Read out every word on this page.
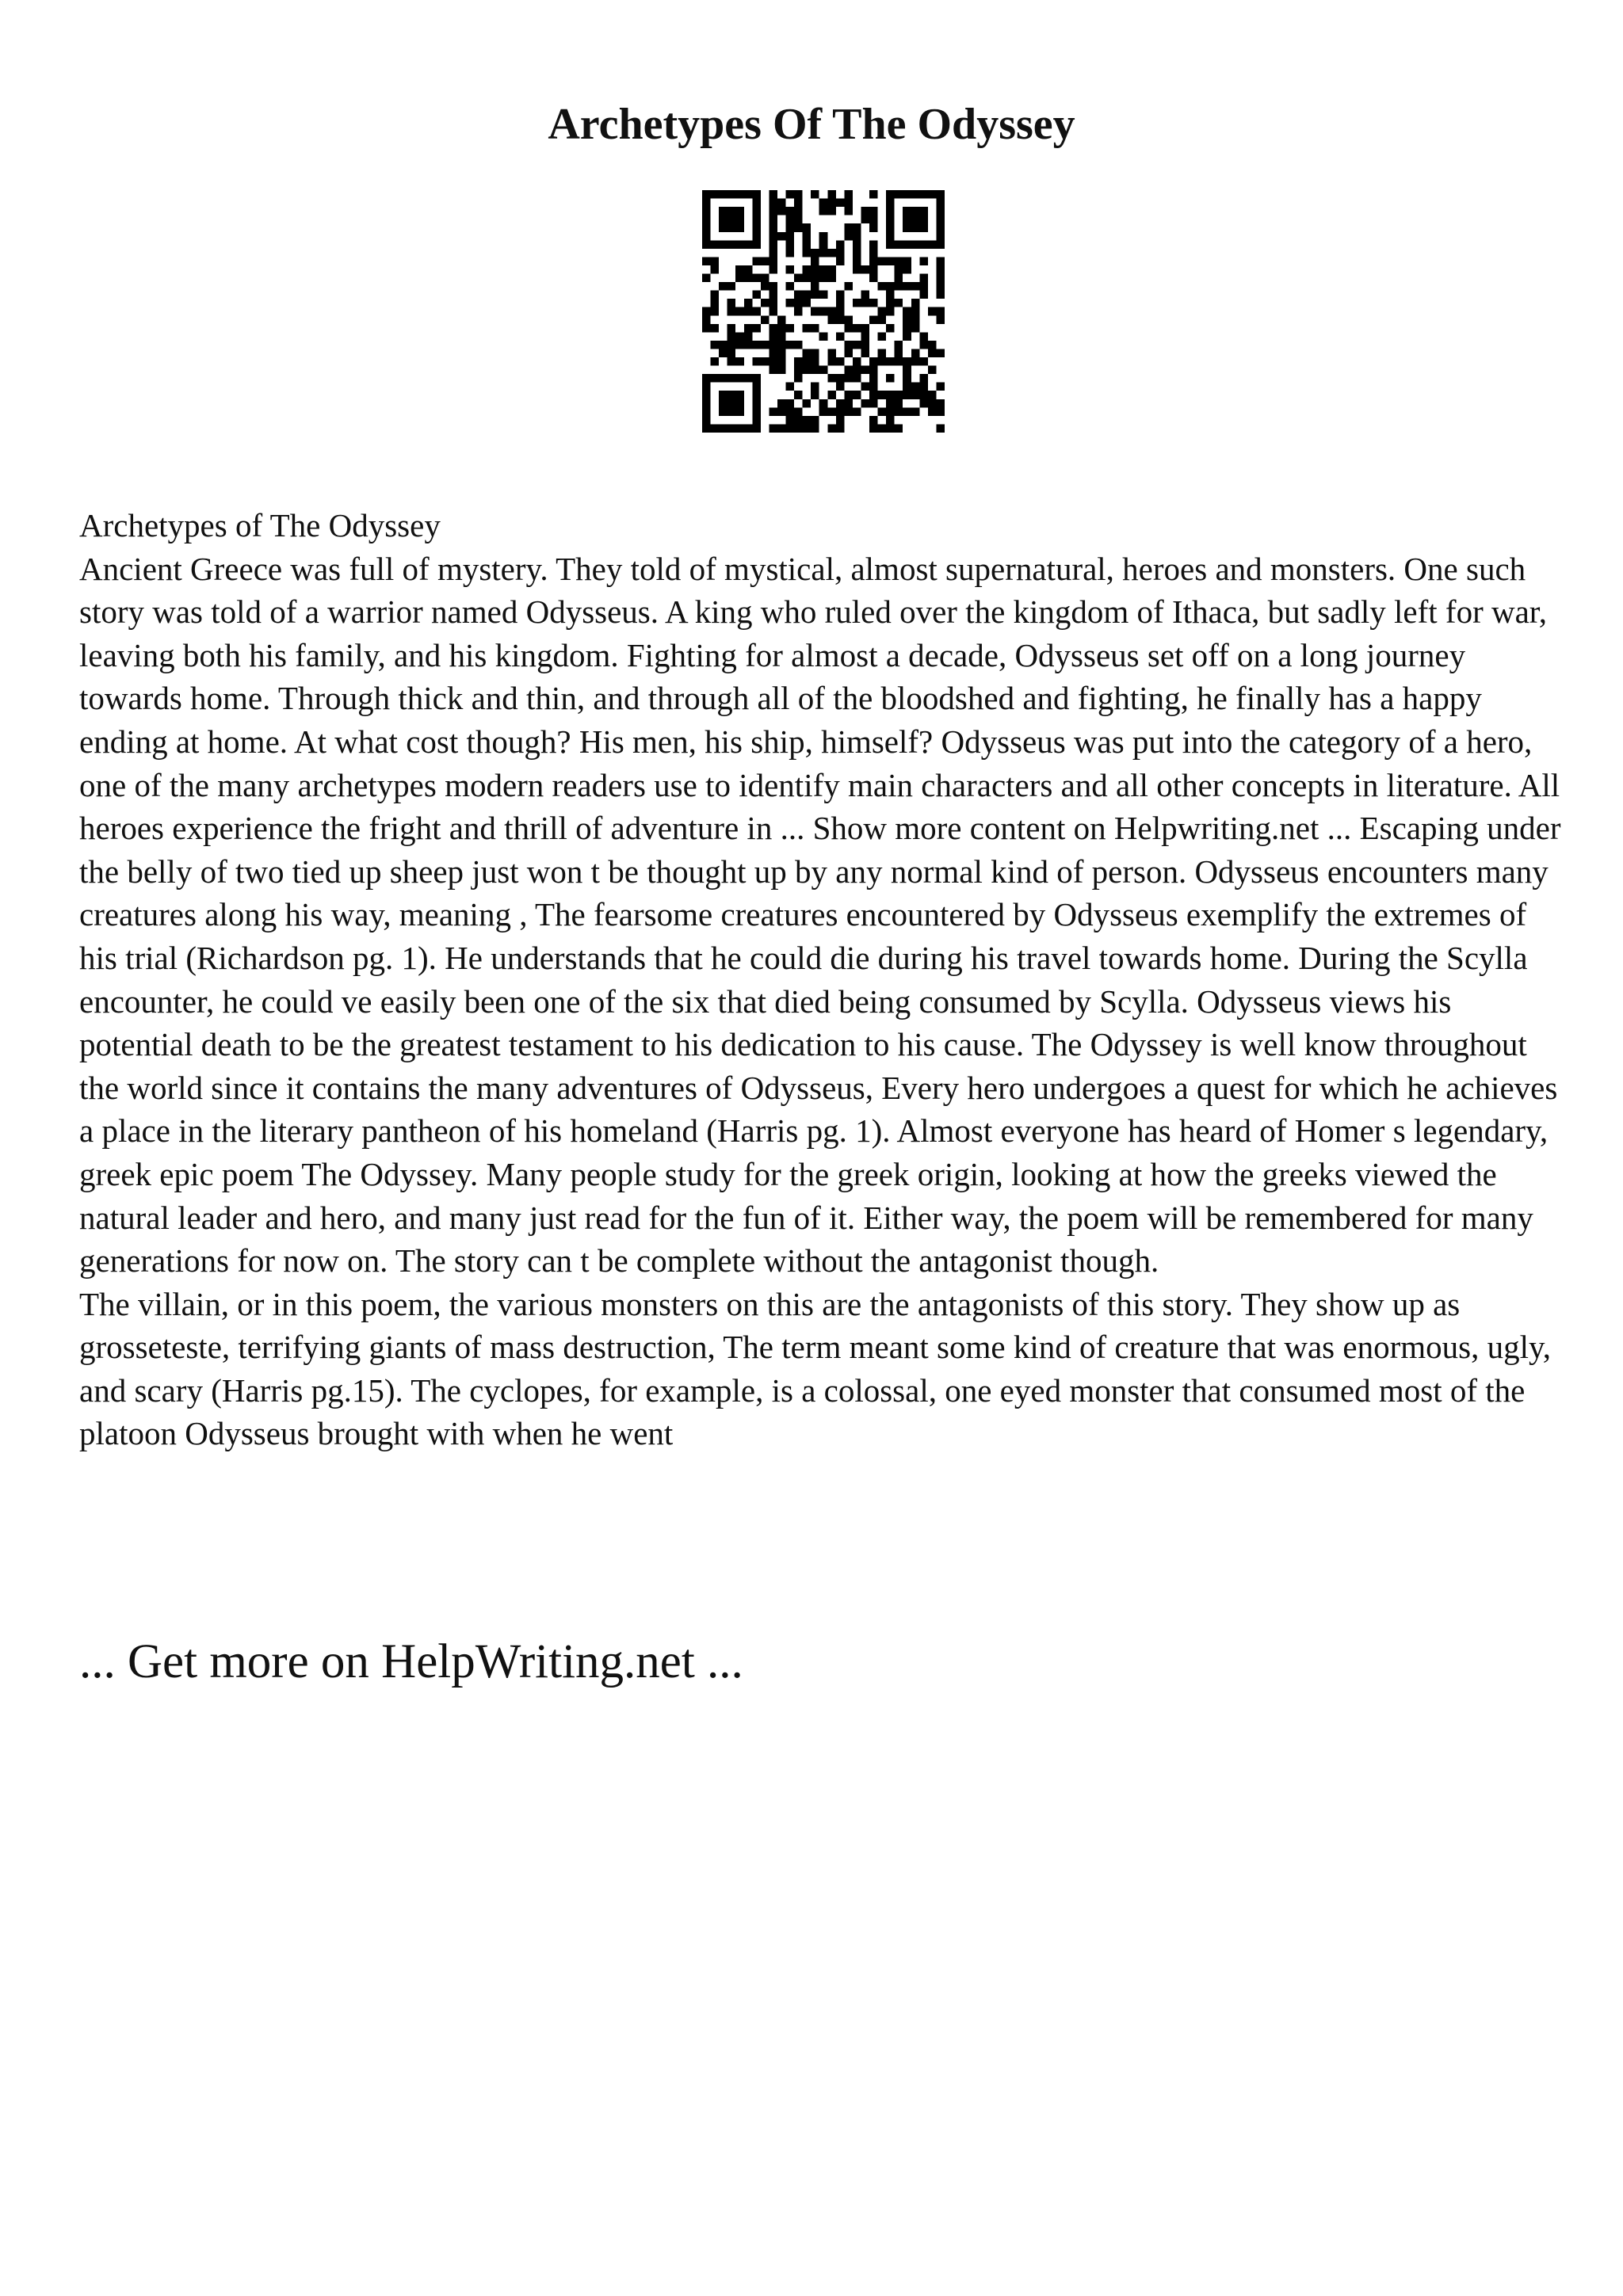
Archetypes Of The Odyssey

Archetypes of The Odyssey

Ancient Greece was full of mystery. They told of mystical, almost supernatural, heroes and monsters. One such story was told of a warrior named Odysseus. A king who ruled over the kingdom of Ithaca, but sadly left for war, leaving both his family, and his kingdom. Fighting for almost a decade, Odysseus set off on a long journey towards home. Through thick and thin, and through all of the bloodshed and fighting, he finally has a happy ending at home. At what cost though? His men, his ship, himself? Odysseus was put into the category of a hero, one of the many archetypes modern readers use to identify main characters and all other concepts in literature. All heroes experience the fright and thrill of adventure in ... Show more content on Helpwriting.net ... Escaping under the belly of two tied up sheep just won t be thought up by any normal kind of person. Odysseus encounters many creatures along his way, meaning , The fearsome creatures encountered by Odysseus exemplify the extremes of his trial (Richardson pg. 1). He understands that he could die during his travel towards home. During the Scylla encounter, he could ve easily been one of the six that died being consumed by Scylla. Odysseus views his potential death to be the greatest testament to his dedication to his cause. The Odyssey is well know throughout the world since it contains the many adventures of Odysseus, Every hero undergoes a quest for which he achieves a place in the literary pantheon of his homeland (Harris pg. 1). Almost everyone has heard of Homer s legendary, greek epic poem The Odyssey. Many people study for the greek origin, looking at how the greeks viewed the natural leader and hero, and many just read for the fun of it. Either way, the poem will be remembered for many generations for now on. The story can t be complete without the antagonist though.

The villain, or in this poem, the various monsters on this are the antagonists of this story. They show up as grosseteste, terrifying giants of mass destruction, The term meant some kind of creature that was enormous, ugly, and scary (Harris pg.15). The cyclopes, for example, is a colossal, one eyed monster that consumed most of the platoon Odysseus brought with when he went

... Get more on HelpWriting.net ...
